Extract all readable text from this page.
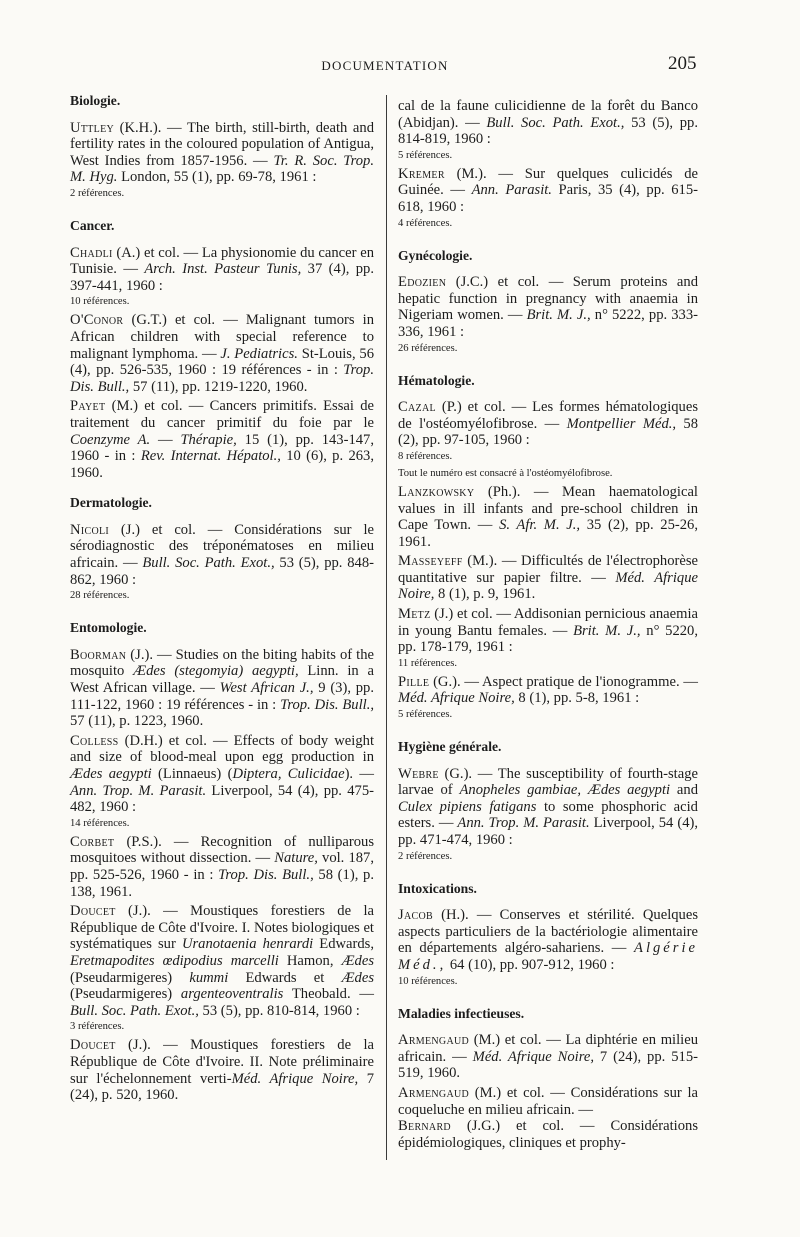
DOCUMENTATION	205
Biologie.

Uttley (K.H.). — The birth, still-birth, death and fertility rates in the coloured population of Antigua, West Indies from 1857-1956. — Tr. R. Soc. Trop. M. Hyg. London, 55 (1), pp. 69-78, 1961 :

2 références.
Cancer.

Chadli (A.) et col. — La physionomie du cancer en Tunisie. — Arch. Inst. Pasteur Tunis, 37 (4), pp. 397-441, 1960 :

10 références.

O'Conor (G.T.) et col. — Malignant tumors in African children with special reference to malignant lymphoma. — J. Pediatrics. St-Louis, 56 (4), pp. 526-535, 1960 : 19 références - in : Trop. Dis. Bull., 57 (11), pp. 1219-1220, 1960.

Payet (M.) et col. — Cancers primitifs. Essai de traitement du cancer primitif du foie par le Coenzyme A. — Thérapie, 15 (1), pp. 143-147, 1960 - in : Rev. Internat. Hépatol., 10 (6), p. 263, 1960.

Dermatologie.

Nicoli (J.) et col. — Considérations sur le sérodiagnostic des tréponématoses en milieu africain. — Bull. Soc. Path. Exot., 53 (5), pp. 848-862, 1960 :

28 références.
Entomologie.

Boorman (J.). — Studies on the biting habits of the mosquito Ædes (stegomyia) aegypti, Linn. in a West African village. — West African J., 9 (3), pp. 111-122, 1960 : 19 références - in : Trop. Dis. Bull., 57 (11), p. 1223, 1960.

Colless (D.H.) et col. — Effects of body weight and size of blood-meal upon egg production in Ædes aegypti (Linnaeus) (Diptera, Culicidae). — Ann. Trop. M. Parasit. Liverpool, 54 (4), pp. 475-482, 1960 :

14 références.

Corbet (P.S.). — Recognition of nulliparous mosquitoes without dissection. — Nature, vol. 187, pp. 525-526, 1960 - in : Trop. Dis. Bull., 58 (1), p. 138, 1961.

Doucet (J.). — Moustiques forestiers de la République de Côte d'Ivoire. I. Notes biologiques et systématiques sur Uranotaenia henrardi Edwards, Eretmapodites œdipodius marcelli Hamon, Ædes (Pseudarmigeres) kummi Edwards et Ædes (Pseudarmigeres) argenteoventralis Theobald. — Bull. Soc. Path. Exot., 53 (5), pp. 810-814, 1960 :

3 références.

Doucet (J.). — Moustiques forestiers de la République de Côte d'Ivoire. II. Note préliminaire sur l'échelonnement verti-Méd. Afrique Noire, 7 (24), p. 520, 1960.

cal de la faune culicidienne de la forêt du Banco (Abidjan). — Bull. Soc. Path. Exot., 53 (5), pp. 814-819, 1960 :

5 références.

Kremer (M.). — Sur quelques culicidés de Guinée. — Ann. Parasit. Paris, 35 (4), pp. 615-618, 1960 :

4 références.
Gynécologie.

Edozien (J.C.) et col. — Serum proteins and hepatic function in pregnancy with anaemia in Nigeriam women. — Brit. M. J., n° 5222, pp. 333-336, 1961 :

26 références.
Hématologie.

Cazal (P.) et col. — Les formes hématologiques de l'ostéomyélofibrose. — Montpellier Méd., 58 (2), pp. 97-105, 1960 :

8 références.
Tout le numéro est consacré à l'ostéomyélofibrose.

Lanzkowsky (Ph.). — Mean haematological values in ill infants and pre-school children in Cape Town. — S. Afr. M. J., 35 (2), pp. 25-26, 1961.

Masseyeff (M.). — Difficultés de l'électrophorèse quantitative sur papier filtre. — Méd. Afrique Noire, 8 (1), p. 9, 1961.

Metz (J.) et col. — Addisonian pernicious anaemia in young Bantu females. — Brit. M. J., n° 5220, pp. 178-179, 1961 :

11 références.

Pille (G.). — Aspect pratique de l'ionogramme. — Méd. Afrique Noire, 8 (1), pp. 5-8, 1961 :

5 références.
Hygiène générale.

Webre (G.). — The susceptibility of fourth-stage larvae of Anopheles gambiae, Ædes aegypti and Culex pipiens fatigans to some phosphoric acid esters. — Ann. Trop. M. Parasit. Liverpool, 54 (4), pp. 471-474, 1960 :

2 références.
Intoxications.

Jacob (H.). — Conserves et stérilité. Quelques aspects particuliers de la bactériologie alimentaire en départements algéro-sahariens. — Algérie Méd., 64 (10), pp. 907-912, 1960 :

10 références.
Maladies infectieuses.

Armengaud (M.) et col. — La diphtérie en milieu africain. — Méd. Afrique Noire, 7 (24), pp. 515-519, 1960.

Armengaud (M.) et col. — Considérations sur la coqueluche en milieu africain. —

Bernard (J.G.) et col. — Considérations épidémiologiques, cliniques et prophy-
